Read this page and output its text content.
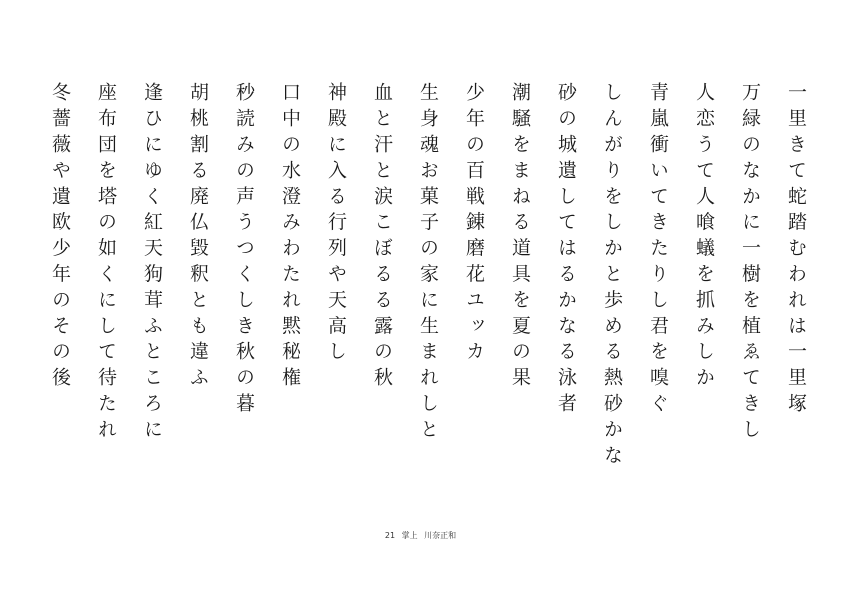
一里きて蛇踏むわれは一里塚
万緑のなかに一樹を植ゑてきし
人恋うて人喰蟻を抓みしか
青嵐衝いてきたりし君を嗅ぐ
しんがりをしかと歩める熱砂かな
砂の城遺してはるかなる泳者
潮騒をまねる道具を夏の果
少年の百戦錬磨花ユッカ
生身魂お菓子の家に生まれしと
血と汗と涙こぼるる露の秋
神殿に入る行列や天高し
口中の水澄みわたれ黙秘権
秒読みの声うつくしき秋の暮
胡桃割る廃仏毀釈とも違ふ
逢ひにゆく紅天狗茸ふところに
座布団を塔の如くにして待たれ
冬薔薇や遺欧少年のその後
21 掌上 川奈正和
